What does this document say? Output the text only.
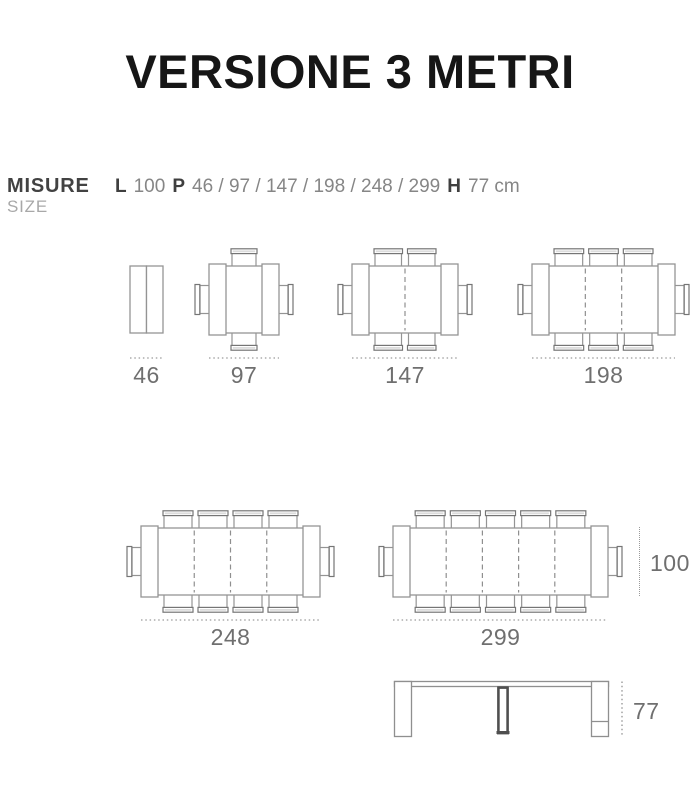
VERSIONE 3 METRI
MISURE
SIZE
L 100 P 46 / 97 / 147 / 198 / 248 / 299 H 77 cm
46	97	147	198
248	299
100
77
